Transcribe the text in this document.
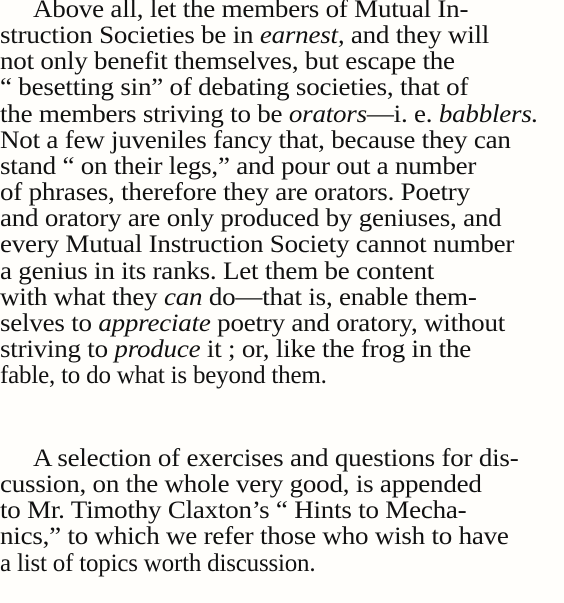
Above all, let the members of Mutual In-
struction Societies be in earnest, and they will
not only benefit themselves, but escape the
“ besetting sin” of debating societies, that of
the members striving to be orators—i. e. babblers.
Not a few juveniles fancy that, because they can
stand “ on their legs,” and pour out a number
of phrases, therefore they are orators. Poetry
and oratory are only produced by geniuses, and
every Mutual Instruction Society cannot number
a genius in its ranks. Let them be content
with what they can do—that is, enable them-
selves to appreciate poetry and oratory, without
striving to produce it ; or, like the frog in the
fable, to do what is beyond them.
A selection of exercises and questions for dis-
cussion, on the whole very good, is appended
to Mr. Timothy Claxton’s “ Hints to Mecha-
nics,” to which we refer those who wish to have
a list of topics worth discussion.
